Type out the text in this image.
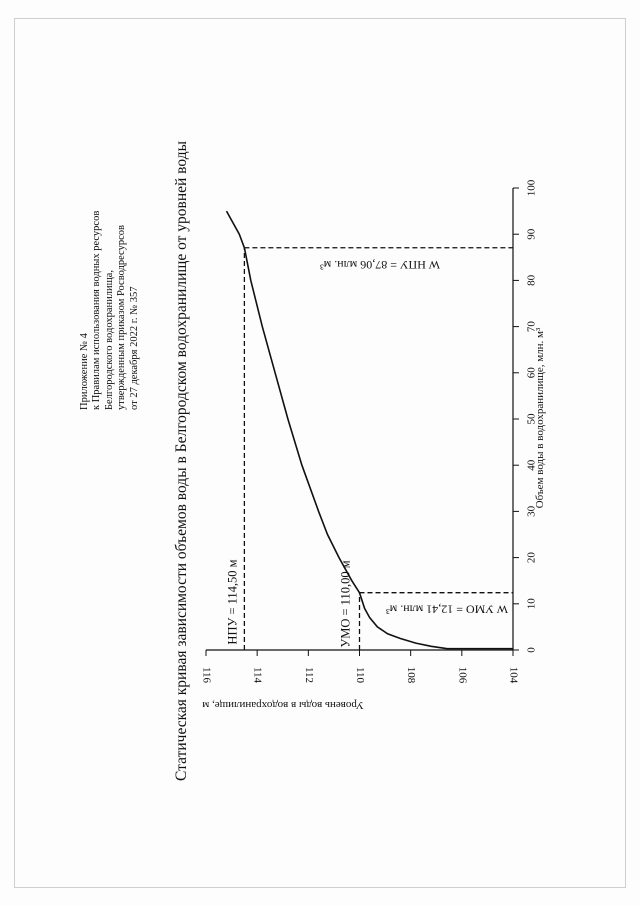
Приложение № 4 к Правилам использования водных ресурсов Белгородского водохранилища, утвержденным приказом Росводресурсов от 27 декабря 2022 г. № 357 Статическая кривая зависимости объемов воды в Белгородском водохранилище от уровней воды	Объем воды в водохранилище, млн. м³
Уровень воды в водохранилище, м
0
10
20
30
40
50
60
70
80
90
100
104
106
108
110
112
114
116
НПУ = 114,50 м	УМО = 110,00 м
W НПУ = 87,06 млн. м³
W УМО = 12,41 млн. м³
